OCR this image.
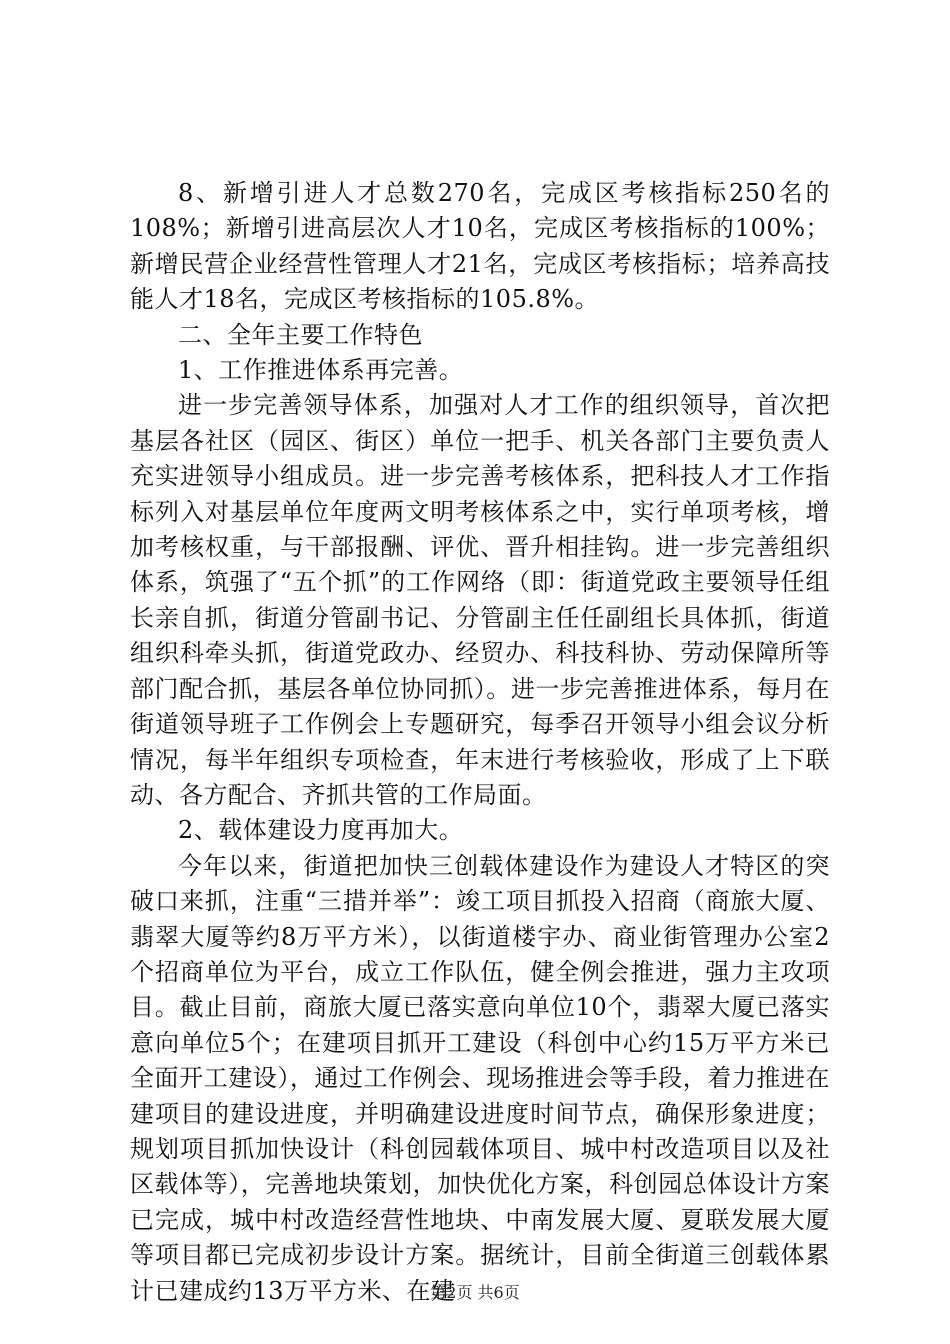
8、新增引进人才总数270名，完成区考核指标250名的108%；新增引进高层次人才10名，完成区考核指标的100%；新增民营企业经营性管理人才21名，完成区考核指标；培养高技能人才18名，完成区考核指标的105.8%。

二、全年主要工作特色

1、工作推进体系再完善。

进一步完善领导体系，加强对人才工作的组织领导，首次把基层各社区（园区、街区）单位一把手、机关各部门主要负责人充实进领导小组成员。进一步完善考核体系，把科技人才工作指标列入对基层单位年度两文明考核体系之中，实行单项考核，增加考核权重，与干部报酬、评优、晋升相挂钩。进一步完善组织体系，筑强了“五个抓”的工作网络（即：街道党政主要领导任组长亲自抓，街道分管副书记、分管副主任任副组长具体抓，街道组织科牵头抓，街道党政办、经贸办、科技科协、劳动保障所等部门配合抓，基层各单位协同抓）。进一步完善推进体系，每月在街道领导班子工作例会上专题研究，每季召开领导小组会议分析情况，每半年组织专项检查，年末进行考核验收，形成了上下联动、各方配合、齐抓共管的工作局面。

2、载体建设力度再加大。

今年以来，街道把加快三创载体建设作为建设人才特区的突破口来抓，注重“三措并举”：竣工项目抓投入招商（商旅大厦、翡翠大厦等约8万平方米），以街道楼宇办、商业街管理办公室2个招商单位为平台，成立工作队伍，健全例会推进，强力主攻项目。截止目前，商旅大厦已落实意向单位10个，翡翠大厦已落实意向单位5个；在建项目抓开工建设（科创中心约15万平方米已全面开工建设），通过工作例会、现场推进会等手段，着力推进在建项目的建设进度，并明确建设进度时间节点，确保形象进度；规划项目抓加快设计（科创园载体项目、城中村改造项目以及社区载体等），完善地块策划，加快优化方案，科创园总体设计方案已完成，城中村改造经营性地块、中南发展大厦、夏联发展大厦等项目都已完成初步设计方案。据统计，目前全街道三创载体累计已建成约13万平方米、在建

第2页 共6页
